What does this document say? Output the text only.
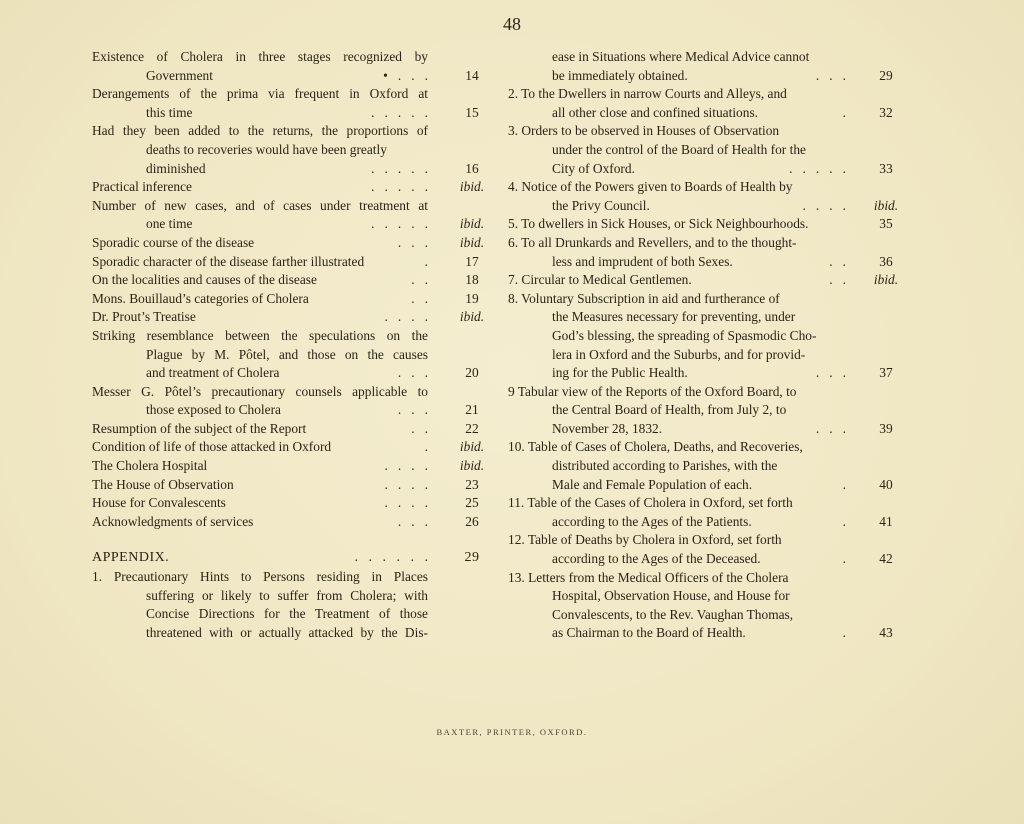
48
Existence of Cholera in three stages recognized by
Government	•   .   .   .	14
Derangements of the prima via frequent in Oxford at
this time	.   .   .   .   .	15
Had they been added to the returns, the proportions of
deaths to recoveries would have been greatly
diminished	.   .   .   .   .	16
Practical inference	.   .   .   .   .	ibid.
Number of new cases, and of cases under treatment at
one time	.   .   .   .   .	ibid.
Sporadic course of the disease	.   .   .	ibid.
Sporadic character of the disease farther illustrated	.	17
On the localities and causes of the disease	.   .	18
Mons. Bouillaud’s categories of Cholera	.   .	19
Dr. Prout’s Treatise	.   .   .   .	ibid.
Striking resemblance between the speculations on the
Plague by M. Pôtel, and those on the causes
and treatment of Cholera	.   .   .	20
Messer G. Pôtel’s precautionary counsels applicable to
those exposed to Cholera	.   .   .	21
Resumption of the subject of the Report	.   .	22
Condition of life of those attacked in Oxford	.	ibid.
The Cholera Hospital	.   .   .   .	ibid.
The House of Observation	.   .   .   .	23
House for Convalescents	.   .   .   .	25
Acknowledgments of services	.   .   .	26
APPENDIX.	.   .   .   .   .   .	29
1. Precautionary Hints to Persons residing in Places
suffering or likely to suffer from Cholera; with
Concise Directions for the Treatment of those
threatened with or actually attacked by the Dis-
ease in Situations where Medical Advice cannot
be immediately obtained.	.   .   .	29
2. To the Dwellers in narrow Courts and Alleys, and
all other close and confined situations.	.	32
3. Orders to be observed in Houses of Observation
under the control of the Board of Health for the
City of Oxford.	.   .   .   .   .	33
4. Notice of the Powers given to Boards of Health by
the Privy Council.	.   .   .   .	ibid.
5. To dwellers in Sick Houses, or Sick Neighbourhoods.	35
6. To all Drunkards and Revellers, and to the thought-
less and imprudent of both Sexes.	.   .	36
7. Circular to Medical Gentlemen.	.   .	ibid.
8. Voluntary Subscription in aid and furtherance of
the Measures necessary for preventing, under
God’s blessing, the spreading of Spasmodic Cho-
lera in Oxford and the Suburbs, and for provid-
ing for the Public Health.	.   .   .	37
9 Tabular view of the Reports of the Oxford Board, to
the Central Board of Health, from July 2, to
November 28, 1832.	.   .   .	39
10. Table of Cases of Cholera, Deaths, and Recoveries,
distributed according to Parishes, with the
Male and Female Population of each.	.	40
11. Table of the Cases of Cholera in Oxford, set forth
according to the Ages of the Patients.	.	41
12. Table of Deaths by Cholera in Oxford, set forth
according to the Ages of the Deceased.	.	42
13. Letters from the Medical Officers of the Cholera
Hospital, Observation House, and House for
Convalescents, to the Rev. Vaughan Thomas,
as Chairman to the Board of Health.	.	43
BAXTER, PRINTER, OXFORD.
